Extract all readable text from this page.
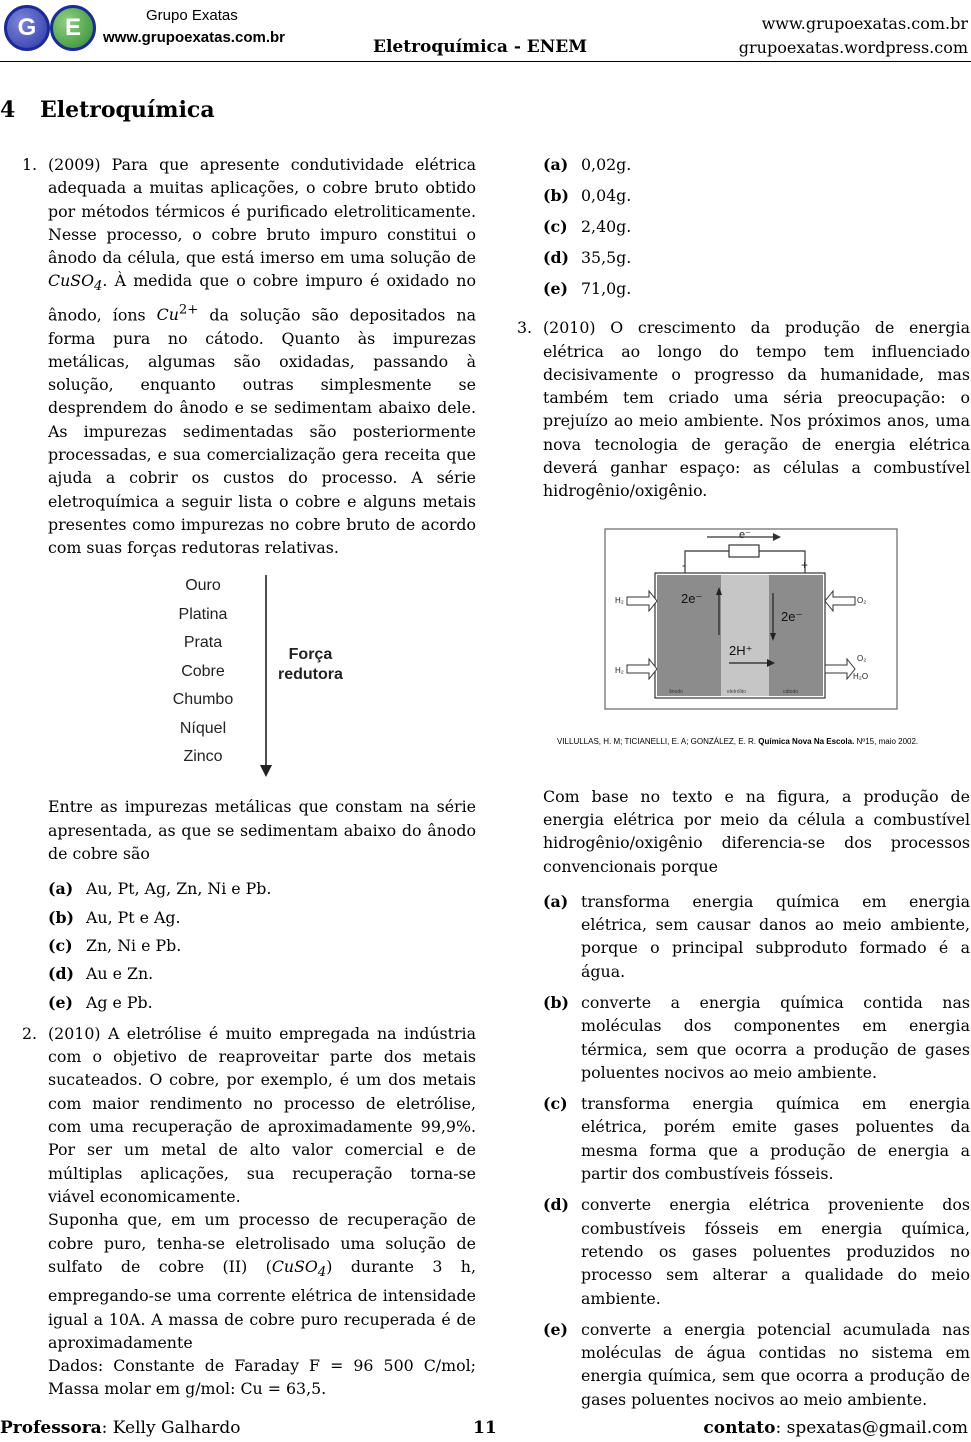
G E	Grupo Exatas
www.grupoexatas.com.br	Eletroquímica - ENEM
www.grupoexatas.com.br
grupoexatas.wordpress.com
4 Eletroquímica
1. (2009) Para que apresente condutividade elétrica adequada a muitas aplicações, o cobre bruto obtido por métodos térmicos é purificado eletroliticamente. Nesse processo, o cobre bruto impuro constitui o ânodo da célula, que está imerso em uma solução de CuSO$_4$. À medida que o cobre impuro é oxidado no ânodo, íons $Cu^{2+}$ da solução são depositados na forma pura no cátodo. Quanto às impurezas metálicas, algumas são oxidadas, passando à solução, enquanto outras simplesmente se desprendem do ânodo e se sedimentam abaixo dele. As impurezas sedimentadas são posteriormente processadas, e sua comercialização gera receita que ajuda a cobrir os custos do processo. A série eletroquímica a seguir lista o cobre e alguns metais presentes como impurezas no cobre bruto de acordo com suas forças redutoras relativas.
Ouro
Platina
Prata
Cobre
Chumbo
Níquel
Zinco
Força
redutora
Entre as impurezas metálicas que constam na série apresentada, as que se sedimentam abaixo do ânodo de cobre são
(a) Au, Pt, Ag, Zn, Ni e Pb.
(b) Au, Pt e Ag.
(c) Zn, Ni e Pb.
(d) Au e Zn.
(e) Ag e Pb.
2. (2010) A eletrólise é muito empregada na indústria com o objetivo de reaproveitar parte dos metais sucateados. O cobre, por exemplo, é um dos metais com maior rendimento no processo de eletrólise, com uma recuperação de aproximadamente 99,9%. Por ser um metal de alto valor comercial e de múltiplas aplicações, sua recuperação torna-se viável economicamente.
Suponha que, em um processo de recuperação de cobre puro, tenha-se eletrolisado uma solução de sulfato de cobre (II) (CuSO$_4$) durante 3 h, empregando-se uma corrente elétrica de intensidade igual a 10A. A massa de cobre puro recuperada é de aproximadamente
Dados: Constante de Faraday F = 96 500 C/mol; Massa molar em g/mol: Cu = 63,5.
(a) 0,02g.
(b) 0,04g.
(c) 2,40g.
(d) 35,5g.
(e) 71,0g.
3. (2010) O crescimento da produção de energia elétrica ao longo do tempo tem influenciado decisivamente o progresso da humanidade, mas também tem criado uma séria preocupação: o prejuízo ao meio ambiente. Nos próximos anos, uma nova tecnologia de geração de energia elétrica deverá ganhar espaço: as células a combustível hidrogênio/oxigênio.
e⁻
-	+
2e⁻
2e⁻
2H⁺
H₂
H₂
O₂
O₂
H₂O
ânodo	eletrólito	cátodo
VILLULLAS, H. M; TICIANELLI, E. A; GONZÁLEZ, E. R. Química Nova Na Escola. Nº15, maio 2002.
Com base no texto e na figura, a produção de energia elétrica por meio da célula a combustível hidrogênio/oxigênio diferencia-se dos processos convencionais porque
(a) transforma energia química em energia elétrica, sem causar danos ao meio ambiente, porque o principal subproduto formado é a água.
(b) converte a energia química contida nas moléculas dos componentes em energia térmica, sem que ocorra a produção de gases poluentes nocivos ao meio ambiente.
(c) transforma energia química em energia elétrica, porém emite gases poluentes da mesma forma que a produção de energia a partir dos combustíveis fósseis.
(d) converte energia elétrica proveniente dos combustíveis fósseis em energia química, retendo os gases poluentes produzidos no processo sem alterar a qualidade do meio ambiente.
(e) converte a energia potencial acumulada nas moléculas de água contidas no sistema em energia química, sem que ocorra a produção de gases poluentes nocivos ao meio ambiente.
Professora: Kelly Galhardo	11	contato: spexatas@gmail.com
